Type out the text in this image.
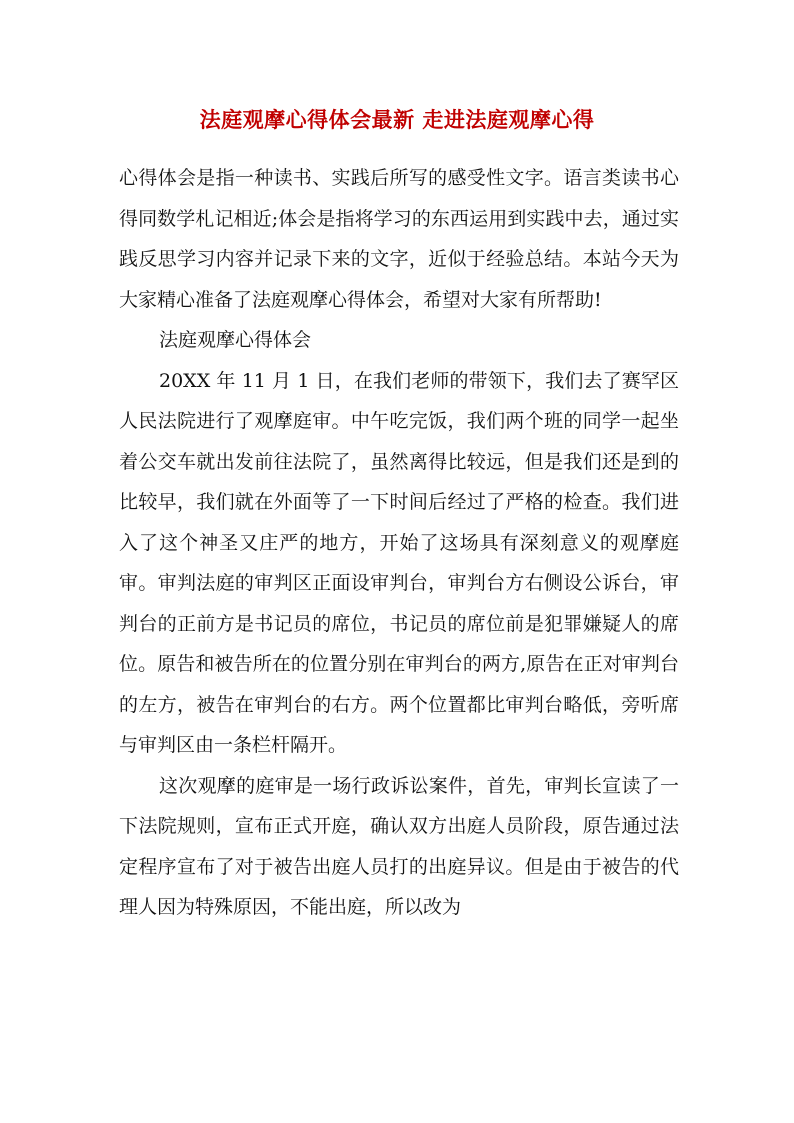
法庭观摩心得体会最新 走进法庭观摩心得

心得体会是指一种读书、实践后所写的感受性文字。语言类读书心得同数学札记相近;体会是指将学习的东西运用到实践中去，通过实践反思学习内容并记录下来的文字，近似于经验总结。本站今天为大家精心准备了法庭观摩心得体会，希望对大家有所帮助!

法庭观摩心得体会

20XX 年 11 月 1 日，在我们老师的带领下，我们去了赛罕区人民法院进行了观摩庭审。中午吃完饭，我们两个班的同学一起坐着公交车就出发前往法院了，虽然离得比较远，但是我们还是到的比较早，我们就在外面等了一下时间后经过了严格的检查。我们进入了这个神圣又庄严的地方，开始了这场具有深刻意义的观摩庭审。审判法庭的审判区正面设审判台，审判台方右侧设公诉台，审判台的正前方是书记员的席位，书记员的席位前是犯罪嫌疑人的席位。原告和被告所在的位置分别在审判台的两方,原告在正对审判台的左方，被告在审判台的右方。两个位置都比审判台略低，旁听席与审判区由一条栏杆隔开。

这次观摩的庭审是一场行政诉讼案件，首先，审判长宣读了一下法院规则，宣布正式开庭，确认双方出庭人员阶段，原告通过法定程序宣布了对于被告出庭人员打的出庭异议。但是由于被告的代理人因为特殊原因，不能出庭，所以改为
